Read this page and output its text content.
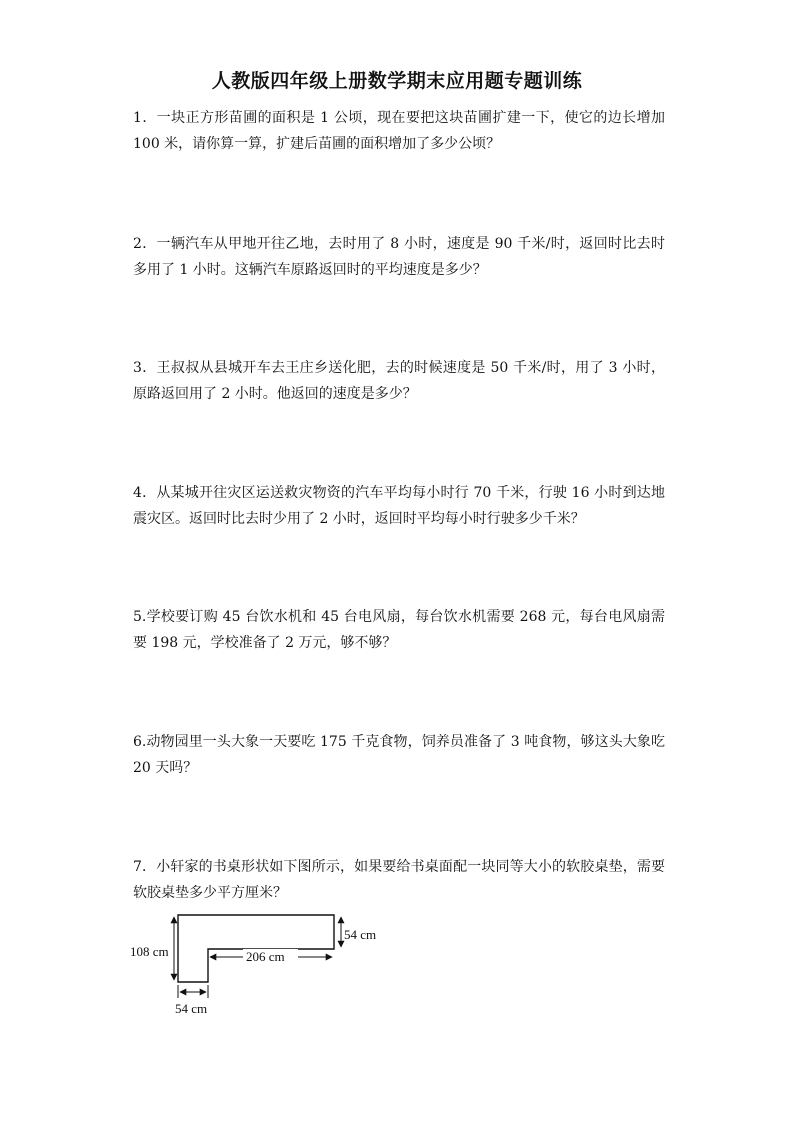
人教版四年级上册数学期末应用题专题训练

1．一块正方形苗圃的面积是 1 公顷，现在要把这块苗圃扩建一下，使它的边长增加 100 米，请你算一算，扩建后苗圃的面积增加了多少公顷？

2．一辆汽车从甲地开往乙地，去时用了 8 小时，速度是 90 千米/时，返回时比去时多用了 1 小时。这辆汽车原路返回时的平均速度是多少？

3．王叔叔从县城开车去王庄乡送化肥，去的时候速度是 50 千米/时，用了 3 小时，原路返回用了 2 小时。他返回的速度是多少？

4．从某城开往灾区运送救灾物资的汽车平均每小时行 70 千米，行驶 16 小时到达地震灾区。返回时比去时少用了 2 小时，返回时平均每小时行驶多少千米？

5.学校要订购 45 台饮水机和 45 台电风扇，每台饮水机需要 268 元，每台电风扇需要 198 元，学校准备了 2 万元，够不够？

6.动物园里一头大象一天要吃 175 千克食物，饲养员准备了 3 吨食物，够这头大象吃 20 天吗？

7．小轩家的书桌形状如下图所示，如果要给书桌面配一块同等大小的软胶桌垫，需要软胶桌垫多少平方厘米？

108 cm
54 cm
206 cm
54 cm
